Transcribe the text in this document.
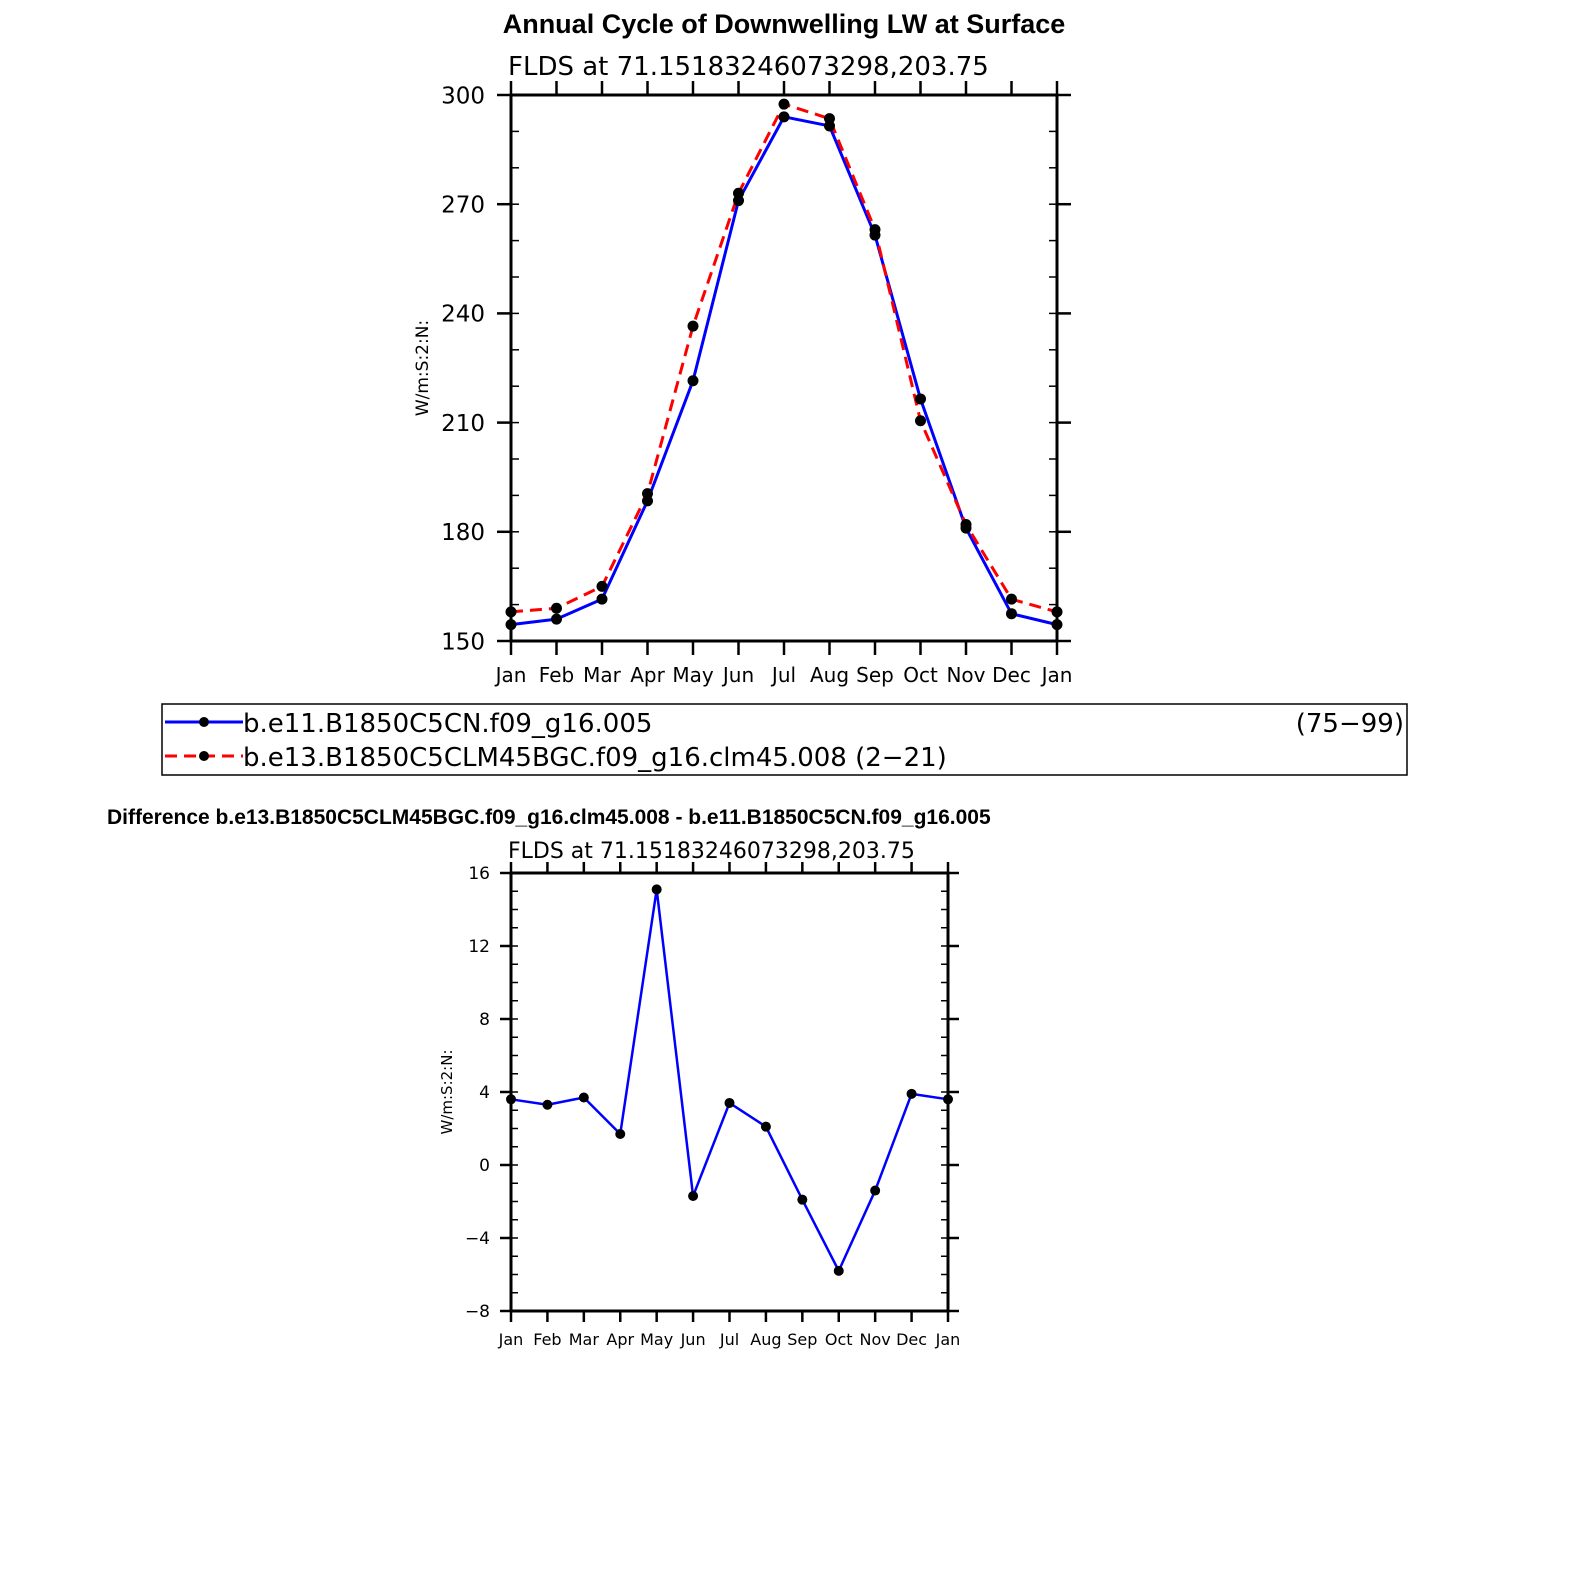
Annual Cycle of Downwelling LW at Surface
FLDS at 71.15183246073298,203.75
W/m:S:2:N:
Jan Feb Mar Apr May Jun Jul Aug Sep Oct Nov Dec Jan
150
180
210
240
270
300
b.e11.B1850C5CN.f09_g16.005	(75−99)
b.e13.B1850C5CLM45BGC.f09_g16.clm45.008 (2−21)
Difference b.e13.B1850C5CLM45BGC.f09_g16.clm45.008 - b.e11.B1850C5CN.f09_g16.005
FLDS at 71.15183246073298,203.75
W/m:S:2:N:
Jan Feb Mar Apr May Jun Jul Aug Sep Oct Nov Dec Jan
−8
−4
0
4
8
12
16
